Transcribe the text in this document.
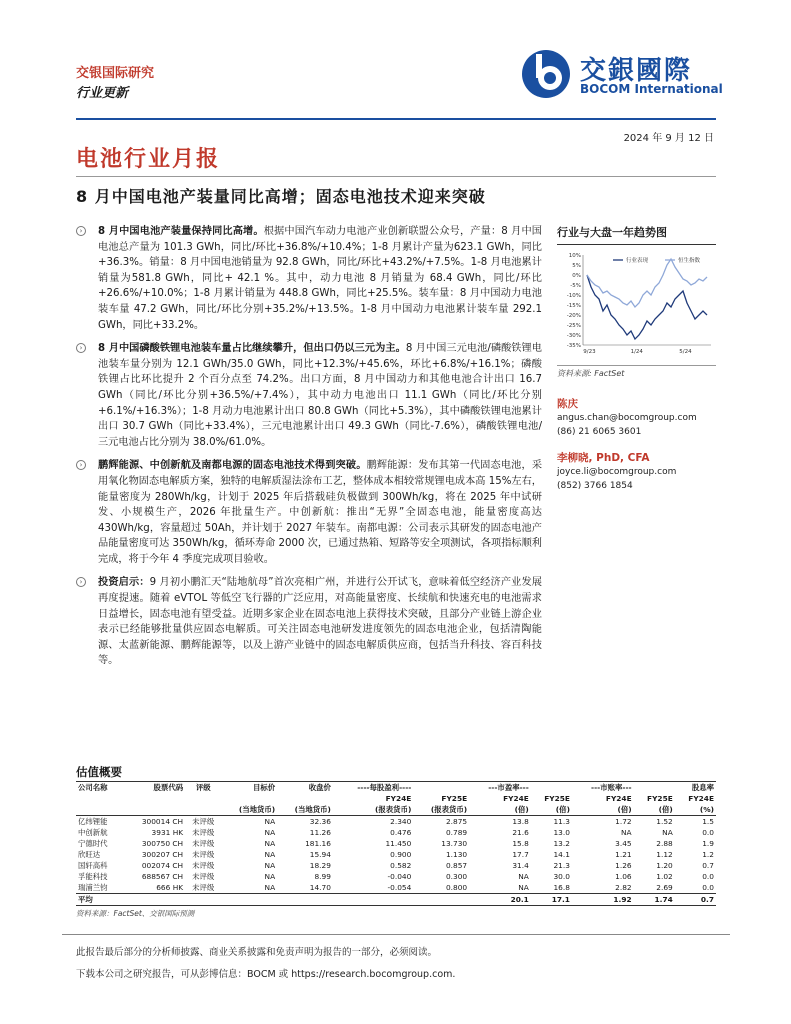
交银国际研究
行业更新
交銀國際
BOCOM International
2024 年 9 月 12 日
电池行业月报
8 月中国电池产装量同比高增；固态电池技术迎来突破
›	8 月中国电池产装量保持同比高增。根据中国汽车动力电池产业创新联盟公众号，产量：8 月中国电池总产量为 101.3 GWh，同比/环比+36.8%/+10.4%；1-8 月累计产量为623.1 GWh，同比+36.3%。销量：8 月中国电池销量为 92.8 GWh，同比/环比+43.2%/+7.5%。1-8 月电池累计销量为581.8 GWh，同比+ 42.1 %。其中，动力电池 8 月销量为 68.4 GWh，同比/环比+26.6%/+10.0%；1-8 月累计销量为 448.8 GWh，同比+25.5%。装车量：8 月中国动力电池装车量 47.2 GWh，同比/环比分别+35.2%/+13.5%。1-8 月中国动力电池累计装车量 292.1 GWh，同比+33.2%。
›	8 月中国磷酸铁锂电池装车量占比继续攀升，但出口仍以三元为主。8 月中国三元电池/磷酸铁锂电池装车量分别为 12.1 GWh/35.0 GWh，同比+12.3%/+45.6%，环比+6.8%/+16.1%；磷酸铁锂占比环比提升 2 个百分点至 74.2%。出口方面，8 月中国动力和其他电池合计出口 16.7 GWh（同比/环比分别+36.5%/+7.4%），其中动力电池出口 11.1 GWh（同比/环比分别+6.1%/+16.3%）；1-8 月动力电池累计出口 80.8 GWh（同比+5.3%），其中磷酸铁锂电池累计出口 30.7 GWh（同比+33.4%），三元电池累计出口 49.3 GWh（同比-7.6%），磷酸铁锂电池/三元电池占比分别为 38.0%/61.0%。
›	鹏辉能源、中创新航及南都电源的固态电池技术得到突破。鹏辉能源：发布其第一代固态电池，采用氧化物固态电解质方案，独特的电解质湿法涂布工艺，整体成本相较常规锂电成本高 15%左右，能量密度为 280Wh/kg，计划于 2025 年后搭载硅负极做到 300Wh/kg，将在 2025 年中试研发、小规模生产，2026 年批量生产。中创新航：推出“无界”全固态电池，能量密度高达 430Wh/kg，容量超过 50Ah，并计划于 2027 年装车。南都电源：公司表示其研发的固态电池产品能量密度可达 350Wh/kg，循环寿命 2000 次，已通过热箱、短路等安全项测试，各项指标顺利完成，将于今年 4 季度完成项目验收。
›	投资启示：9 月初小鹏汇天“陆地航母”首次亮相广州，并进行公开试飞，意味着低空经济产业发展再度提速。随着 eVTOL 等低空飞行器的广泛应用，对高能量密度、长续航和快速充电的电池需求日益增长，固态电池有望受益。近期多家企业在固态电池上获得技术突破，且部分产业链上游企业表示已经能够批量供应固态电解质。可关注固态电池研发进度领先的固态电池企业，包括清陶能源、太蓝新能源、鹏辉能源等，以及上游产业链中的固态电解质供应商，包括当升科技、容百科技等。
行业与大盘一年趋势图
10%
5%
0%
-5%
-10%
-15%
-20%
-25%
-30%
-35%
9/23	1/24	5/24
行业表现	恒生指数
资料来源: FactSet
陈庆
angus.chan@bocomgroup.com
(86) 21 6065 3601
李柳晓, PhD, CFA
joyce.li@bocomgroup.com
(852) 3766 1854
估值概要
公司名称	股票代码	评级	目标价	收盘价	----每股盈利----		---市盈率---		---市账率---		股息率
					FY24E	FY25E	FY24E	FY25E	FY24E	FY25E	FY24E
			(当地货币)	(当地货币)	(报表货币)	(报表货币)	(倍)	(倍)	(倍)	(倍)	(%)
亿纬锂能	300014 CH	未评级	NA	32.36	2.340	2.875	13.8	11.3	1.72	1.52	1.5
中创新航	3931 HK	未评级	NA	11.26	0.476	0.789	21.6	13.0	NA	NA	0.0
宁德时代	300750 CH	未评级	NA	181.16	11.450	13.730	15.8	13.2	3.45	2.88	1.9
欣旺达	300207 CH	未评级	NA	15.94	0.900	1.130	17.7	14.1	1.21	1.12	1.2
国轩高科	002074 CH	未评级	NA	18.29	0.582	0.857	31.4	21.3	1.26	1.20	0.7
孚能科技	688567 CH	未评级	NA	8.99	-0.040	0.300	NA	30.0	1.06	1.02	0.0
瑞浦兰钧	666 HK	未评级	NA	14.70	-0.054	0.800	NA	16.8	2.82	2.69	0.0
平均							20.1	17.1	1.92	1.74	0.7
资料来源：FactSet、交银国际预测
此报告最后部分的分析师披露、商业关系披露和免责声明为报告的一部分，必须阅读。
下载本公司之研究报告，可从彭博信息：BOCM 或 https://research.bocomgroup.com.
